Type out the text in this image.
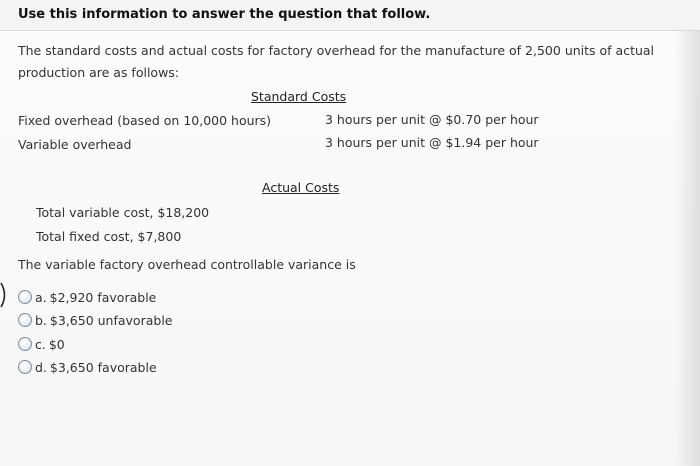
Use this information to answer the question that follow.
The standard costs and actual costs for factory overhead for the manufacture of 2,500 units of actual production are as follows:
Standard Costs
Fixed overhead (based on 10,000 hours)	3 hours per unit @ $0.70 per hour
Variable overhead	3 hours per unit @ $1.94 per hour
Actual Costs
Total variable cost, $18,200
Total fixed cost, $7,800
The variable factory overhead controllable variance is
a. $2,920 favorable
b. $3,650 unfavorable
c. $0
d. $3,650 favorable
